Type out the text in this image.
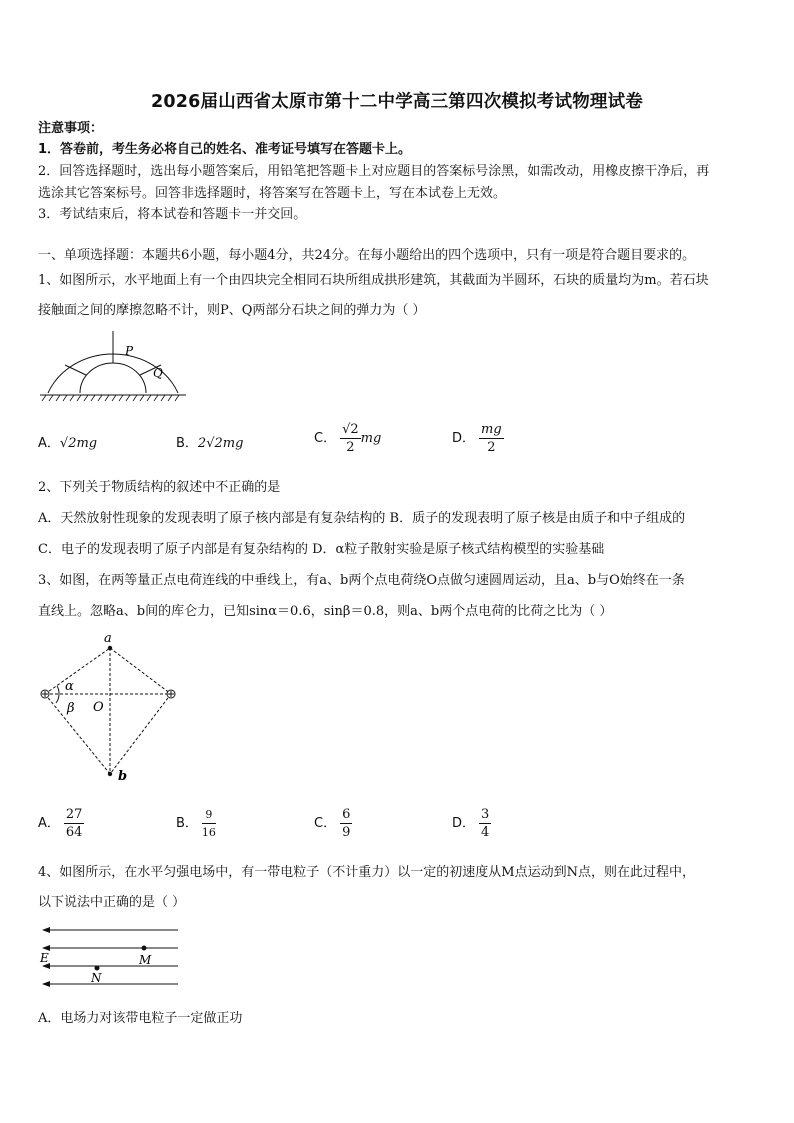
2026届山西省太原市第十二中学高三第四次模拟考试物理试卷
注意事项：
1．答卷前，考生务必将自己的姓名、准考证号填写在答题卡上。
2．回答选择题时，选出每小题答案后，用铅笔把答题卡上对应题目的答案标号涂黑，如需改动，用橡皮擦干净后，再
选涂其它答案标号。回答非选择题时，将答案写在答题卡上，写在本试卷上无效。
3．考试结束后，将本试卷和答题卡一并交回。
一、单项选择题：本题共6小题，每小题4分，共24分。在每小题给出的四个选项中，只有一项是符合题目要求的。
1、如图所示，水平地面上有一个由四块完全相同石块所组成拱形建筑，其截面为半圆环，石块的质量均为m。若石块
接触面之间的摩擦忽略不计，则P、Q两部分石块之间的弹力为（ ）
P
Q
A．√2mg	B．2√2mg	C． $\frac{√2}{2}$ mg	D． $\frac{mg}{2}$
2、下列关于物质结构的叙述中不正确的是
A．天然放射性现象的发现表明了原子核内部是有复杂结构的 B．质子的发现表明了原子核是由质子和中子组成的
C．电子的发现表明了原子内部是有复杂结构的 D．α粒子散射实验是原子核式结构模型的实验基础
3、如图，在两等量正点电荷连线的中垂线上，有a、b两个点电荷绕O点做匀速圆周运动，且a、b与O始终在一条
直线上。忽略a、b间的库仑力，已知sinα＝0.6，sinβ＝0.8，则a、b两个点电荷的比荷之比为（ ）
a
α
β O
b
A． $\frac{27}{64}$	B． $\frac{9}{16}$	C． $\frac{6}{9}$	D． $\frac{3}{4}$
4、如图所示，在水平匀强电场中，有一带电粒子（不计重力）以一定的初速度从M点运动到N点，则在此过程中，
以下说法中正确的是（ ）
E	M
N
A．电场力对该带电粒子一定做正功
